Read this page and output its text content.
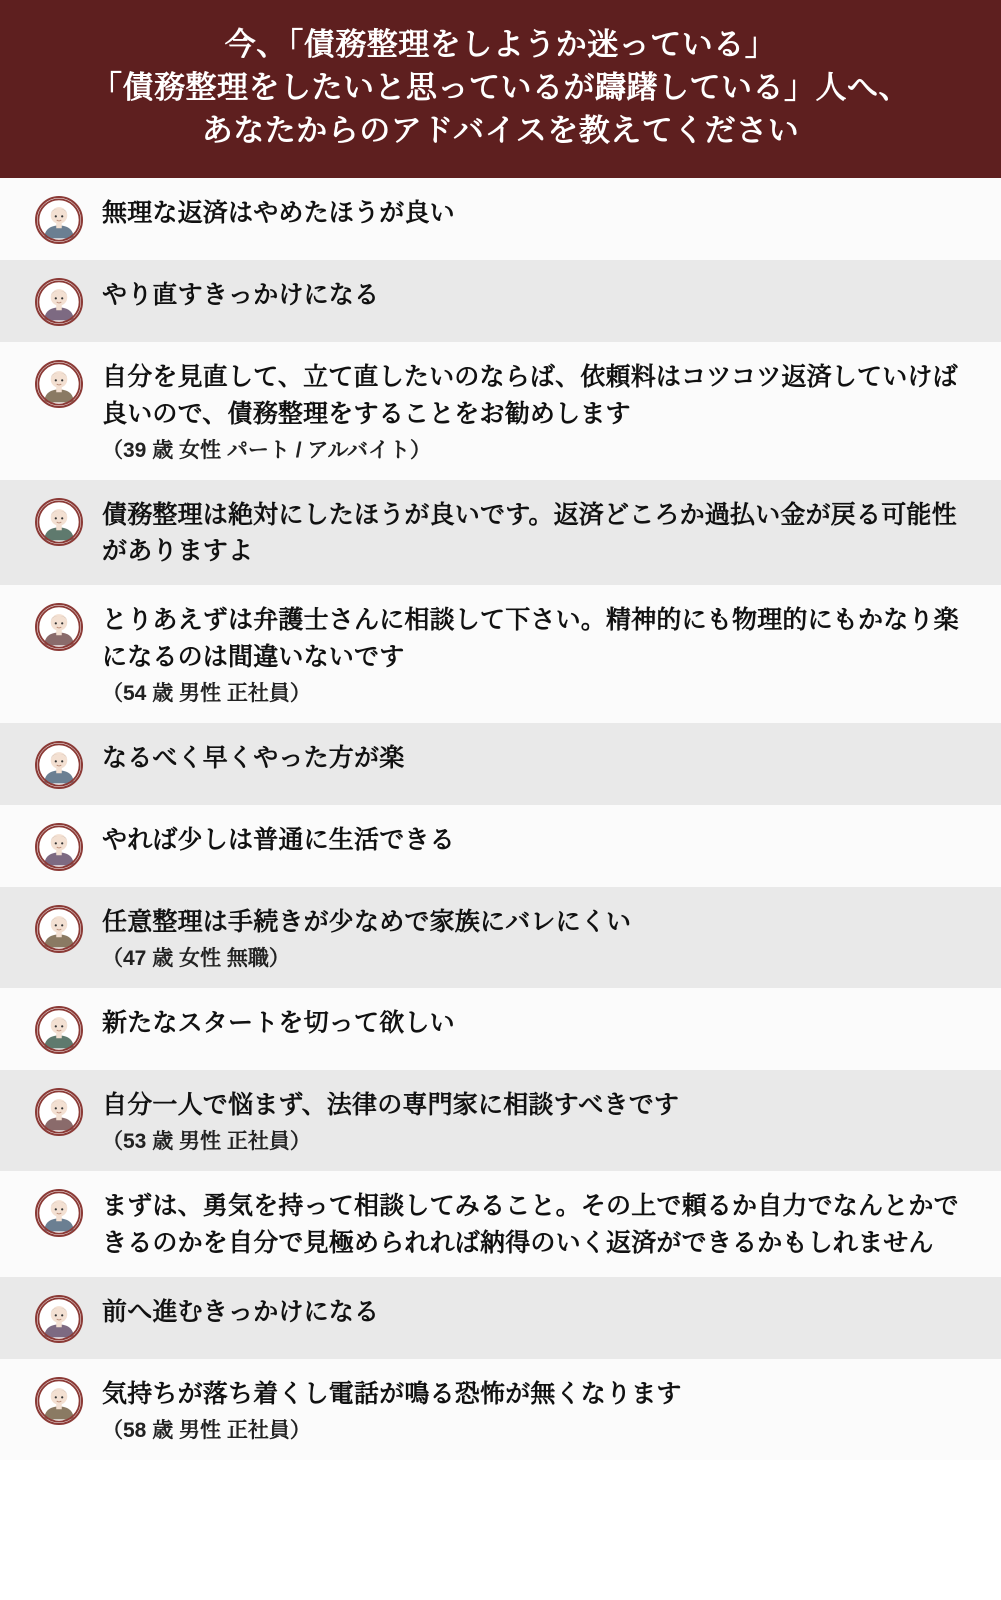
今、「債務整理をしようか迷っている」
「債務整理をしたいと思っているが躊躇している」人へ、
あなたからのアドバイスを教えてください
無理な返済はやめたほうが良い
やり直すきっかけになる
自分を見直して、立て直したいのならば、依頼料はコツコツ返済していけば良いので、債務整理をすることをお勧めします
（39 歳 女性 パート / アルバイト）
債務整理は絶対にしたほうが良いです。返済どころか過払い金が戻る可能性がありますよ
とりあえずは弁護士さんに相談して下さい。精神的にも物理的にもかなり楽になるのは間違いないです
（54 歳 男性 正社員）
なるべく早くやった方が楽
やれば少しは普通に生活できる
任意整理は手続きが少なめで家族にバレにくい
（47 歳 女性 無職）
新たなスタートを切って欲しい
自分一人で悩まず、法律の専門家に相談すべきです
（53 歳 男性 正社員）
まずは、勇気を持って相談してみること。その上で頼るか自力でなんとかできるのかを自分で見極められれば納得のいく返済ができるかもしれません
前へ進むきっかけになる
気持ちが落ち着くし電話が鳴る恐怖が無くなります
（58 歳 男性 正社員）
